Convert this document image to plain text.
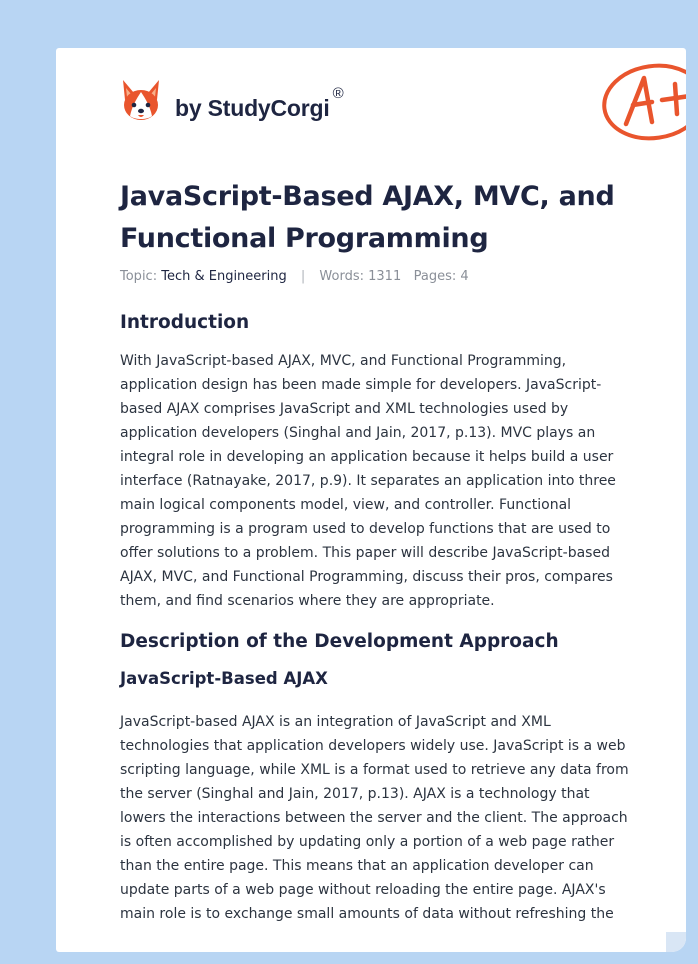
by StudyCorgi
®
JavaScript-Based AJAX, MVC, and Functional Programming
Topic: Tech & Engineering | Words: 1311 Pages: 4
Introduction

With JavaScript-based AJAX, MVC, and Functional Programming, application design has been made simple for developers. JavaScript-based AJAX comprises JavaScript and XML technologies used by application developers (Singhal and Jain, 2017, p.13). MVC plays an integral role in developing an application because it helps build a user interface (Ratnayake, 2017, p.9). It separates an application into three main logical components model, view, and controller. Functional programming is a program used to develop functions that are used to offer solutions to a problem. This paper will describe JavaScript-based AJAX, MVC, and Functional Programming, discuss their pros, compares them, and find scenarios where they are appropriate.

Description of the Development Approach
JavaScript-Based AJAX

JavaScript-based AJAX is an integration of JavaScript and XML technologies that application developers widely use. JavaScript is a web scripting language, while XML is a format used to retrieve any data from the server (Singhal and Jain, 2017, p.13). AJAX is a technology that lowers the interactions between the server and the client. The approach is often accomplished by updating only a portion of a web page rather than the entire page. This means that an application developer can update parts of a web page without reloading the entire page. AJAX's main role is to exchange small amounts of data without refreshing the
